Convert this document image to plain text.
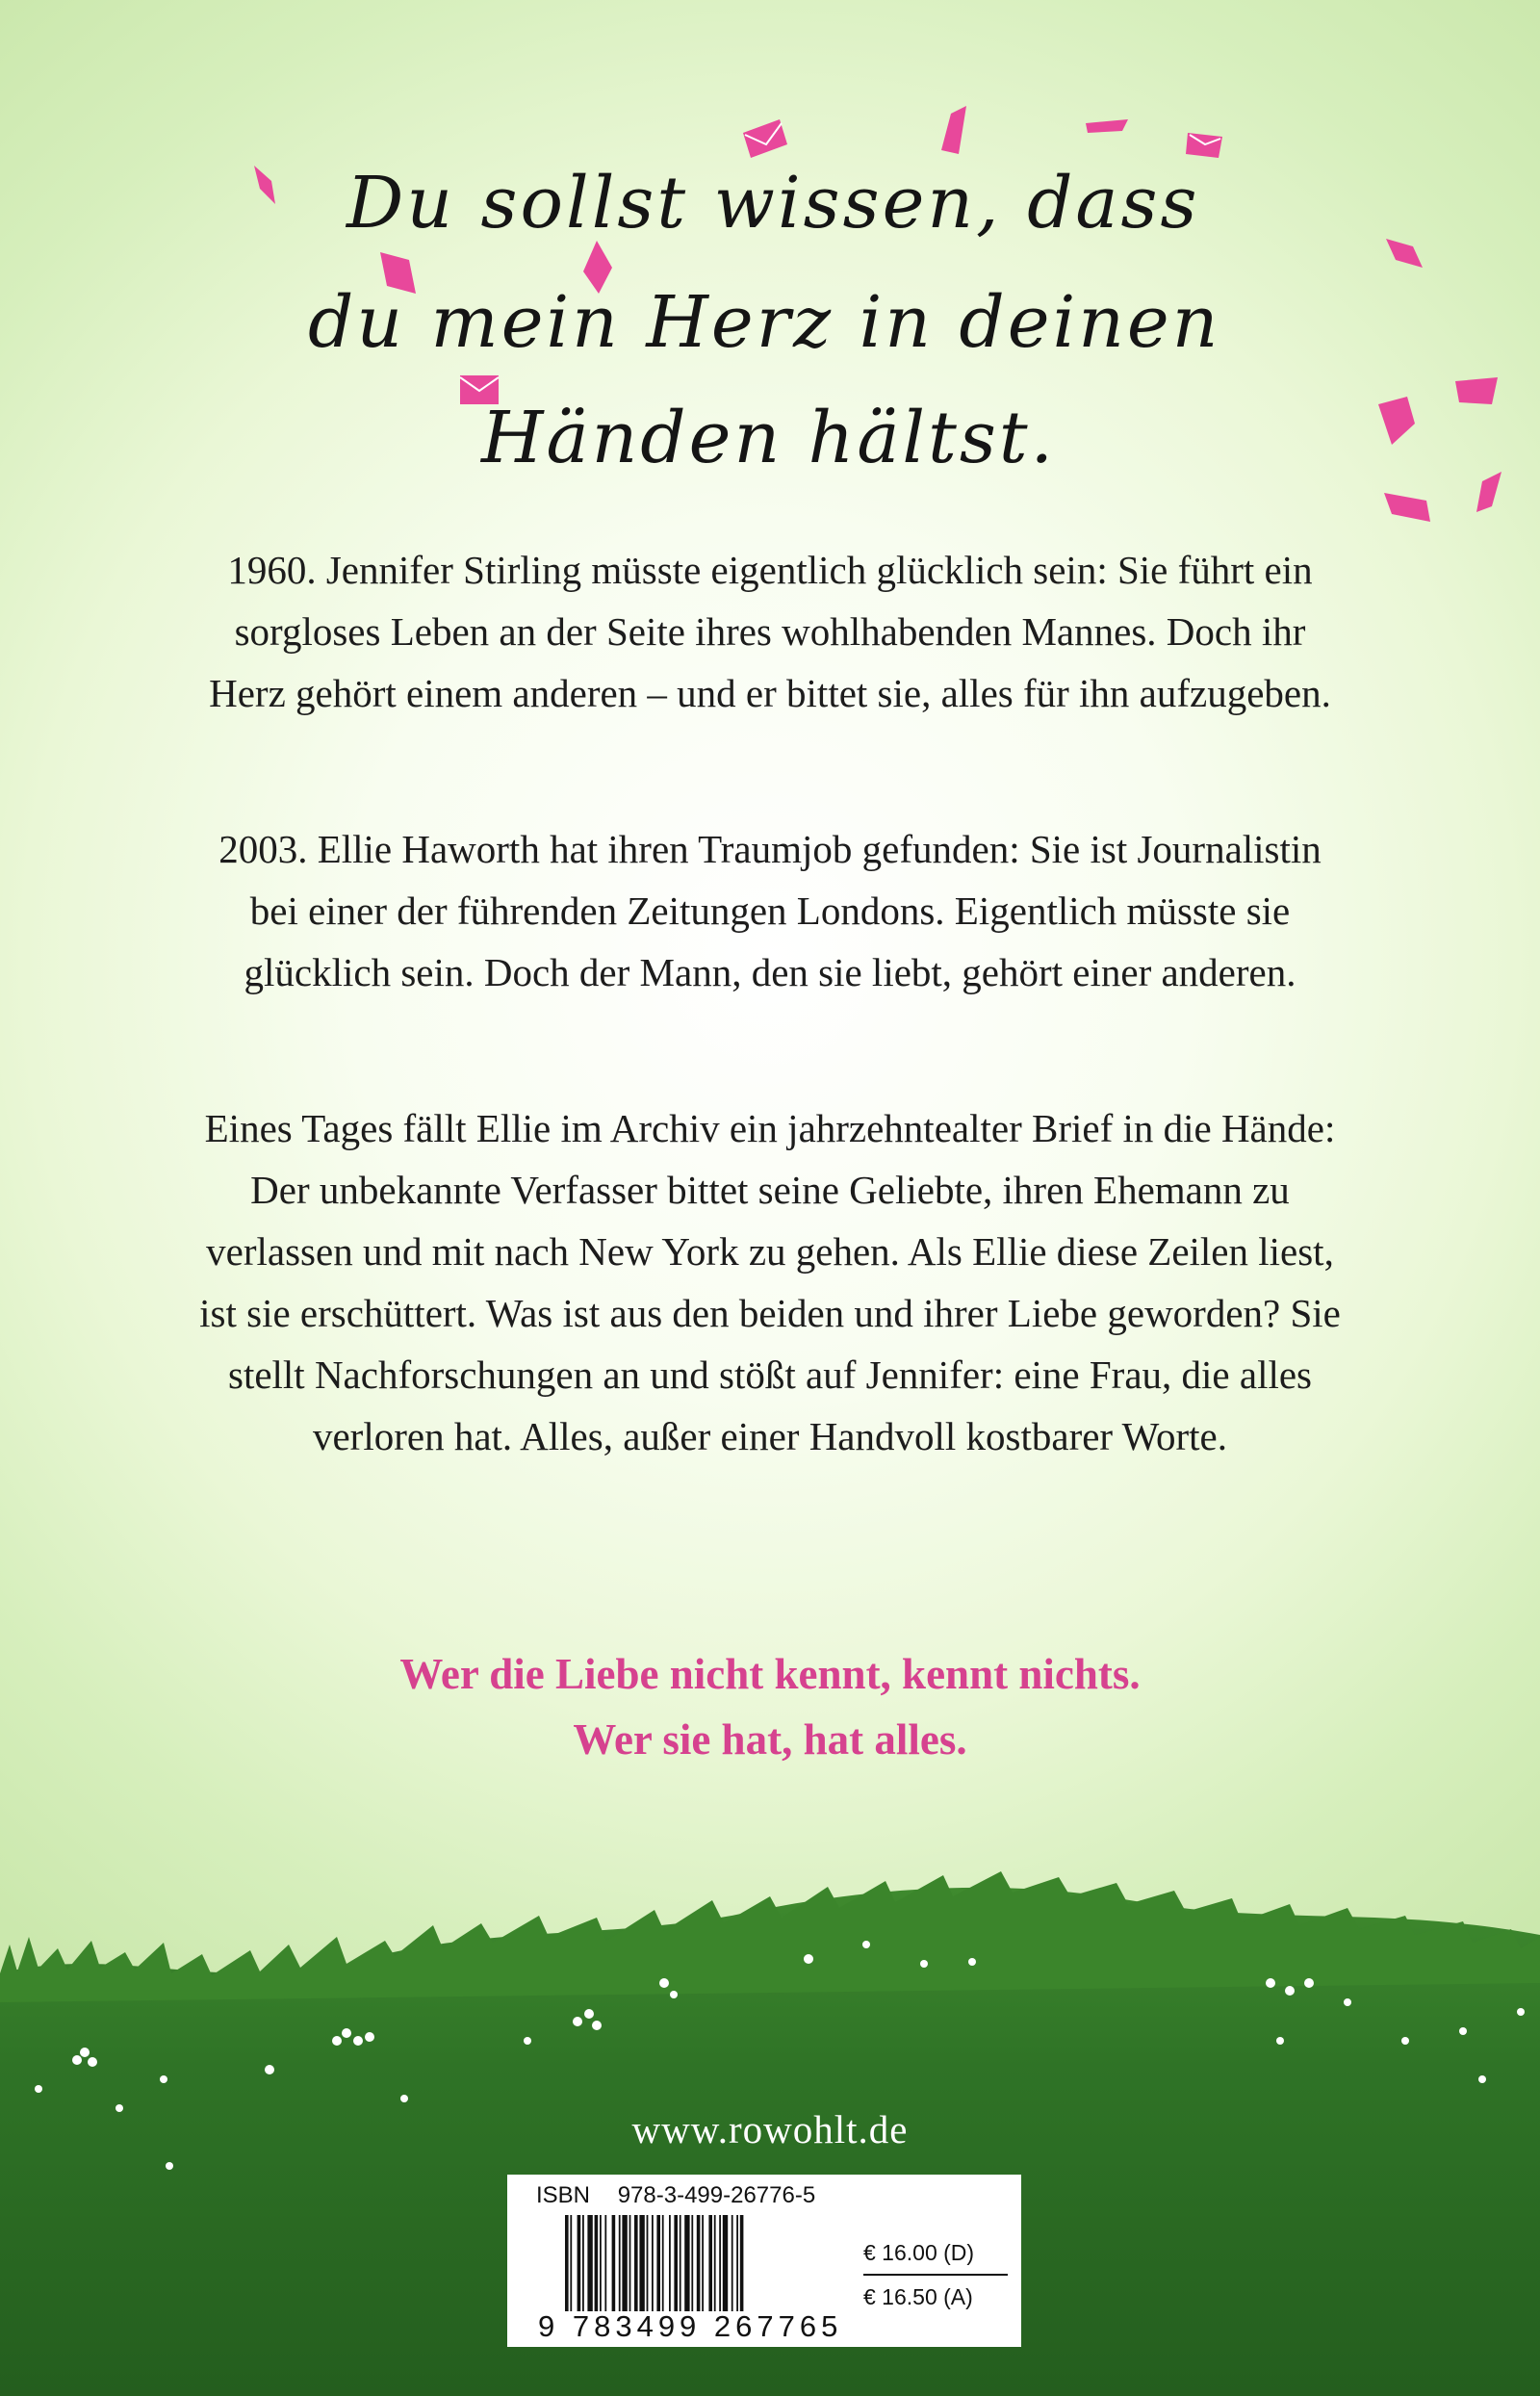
Du sollst wissen, dass

du mein Herz in deinen

Händen hältst.

1960. Jennifer Stirling müsste eigentlich glücklich sein: Sie führt ein sorgloses Leben an der Seite ihres wohlhabenden Mannes. Doch ihr Herz gehört einem anderen – und er bittet sie, alles für ihn aufzugeben.

2003. Ellie Haworth hat ihren Traumjob gefunden: Sie ist Journalistin bei einer der führenden Zeitungen Londons. Eigentlich müsste sie glücklich sein. Doch der Mann, den sie liebt, gehört einer anderen.

Eines Tages fällt Ellie im Archiv ein jahrzehntealter Brief in die Hände: Der unbekannte Verfasser bittet seine Geliebte, ihren Ehemann zu verlassen und mit nach New York zu gehen. Als Ellie diese Zeilen liest, ist sie erschüttert. Was ist aus den beiden und ihrer Liebe geworden? Sie stellt Nachforschungen an und stößt auf Jennifer: eine Frau, die alles verloren hat. Alles, außer einer Handvoll kostbarer Worte.

Wer die Liebe nicht kennt, kennt nichts.

Wer sie hat, hat alles.

www.rowohlt.de
ISBN 978-3-499-26776-5
9 783499 267765
€ 16.00 (D)
€ 16.50 (A)
